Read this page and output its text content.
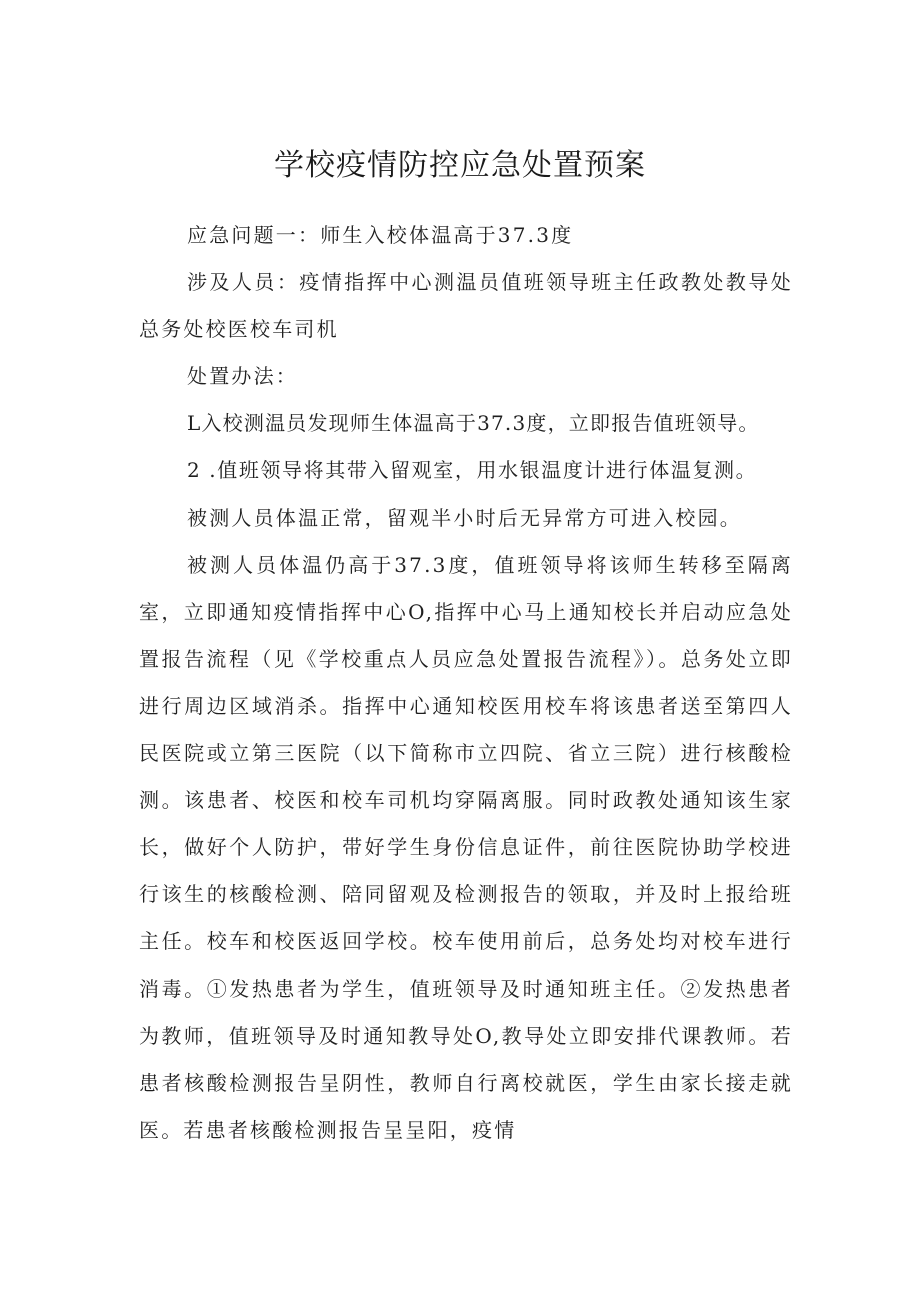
学校疫情防控应急处置预案

应急问题一：师生入校体温高于37.3度

涉及人员：疫情指挥中心测温员值班领导班主任政教处教导处总务处校医校车司机

处置办法：

L入校测温员发现师生体温高于37.3度，立即报告值班领导。

2 .值班领导将其带入留观室，用水银温度计进行体温复测。

被测人员体温正常，留观半小时后无异常方可进入校园。

被测人员体温仍高于37.3度，值班领导将该师生转移至隔离室，立即通知疫情指挥中心O,指挥中心马上通知校长并启动应急处置报告流程（见《学校重点人员应急处置报告流程》）。总务处立即进行周边区域消杀。指挥中心通知校医用校车将该患者送至第四人民医院或立第三医院（以下简称市立四院、省立三院）进行核酸检测。该患者、校医和校车司机均穿隔离服。同时政教处通知该生家长，做好个人防护，带好学生身份信息证件，前往医院协助学校进行该生的核酸检测、陪同留观及检测报告的领取，并及时上报给班主任。校车和校医返回学校。校车使用前后，总务处均对校车进行消毒。①发热患者为学生，值班领导及时通知班主任。②发热患者为教师，值班领导及时通知教导处O,教导处立即安排代课教师。若患者核酸检测报告呈阴性，教师自行离校就医，学生由家长接走就医。若患者核酸检测报告呈呈阳，疫情
